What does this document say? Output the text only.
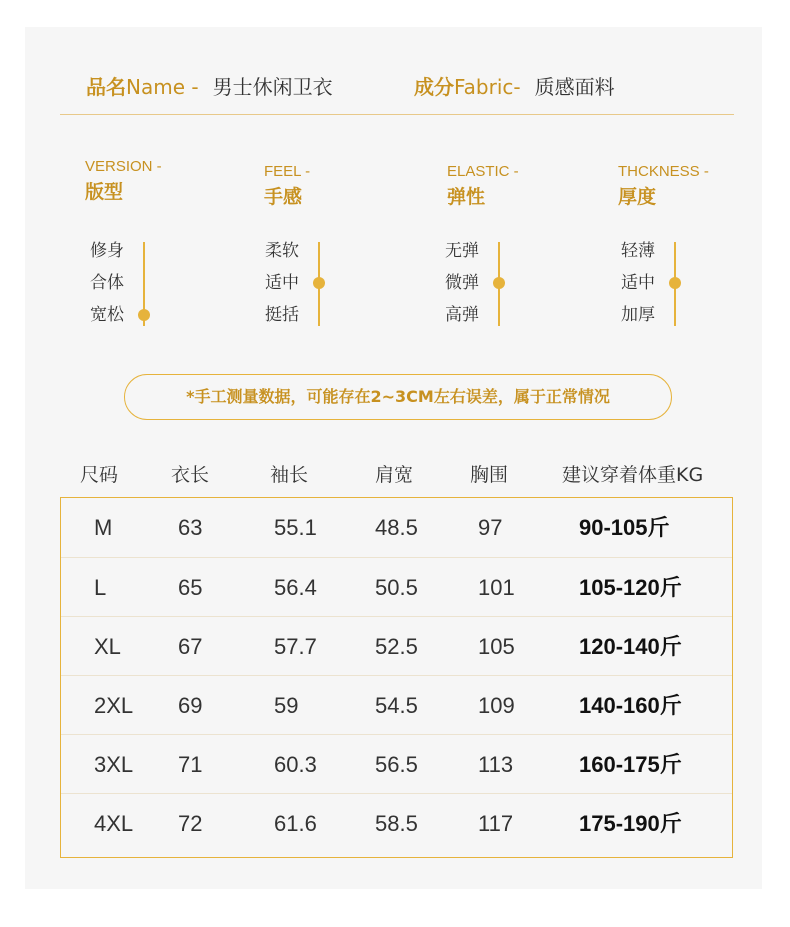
品名Name - 男士休闲卫衣	成分Fabric- 质感面料
VERSION -
版型
FEEL -
手感
ELASTIC -
弹性
THCKNESS -
厚度
修身
合体
宽松
柔软
适中
挺括
无弹
微弹
高弹
轻薄
适中
加厚
*手工测量数据，可能存在2~3CM左右误差，属于正常情况
尺码	衣长	袖长	肩宽	胸围	建议穿着体重KG
M	63	55.1	48.5	97	90-105斤
L	65	56.4	50.5	101	105-120斤
XL	67	57.7	52.5	105	120-140斤
2XL 69	59	54.5	109	140-160斤
3XL 71	60.3	56.5	113	160-175斤
4XL 72	61.6	58.5	117	175-190斤
